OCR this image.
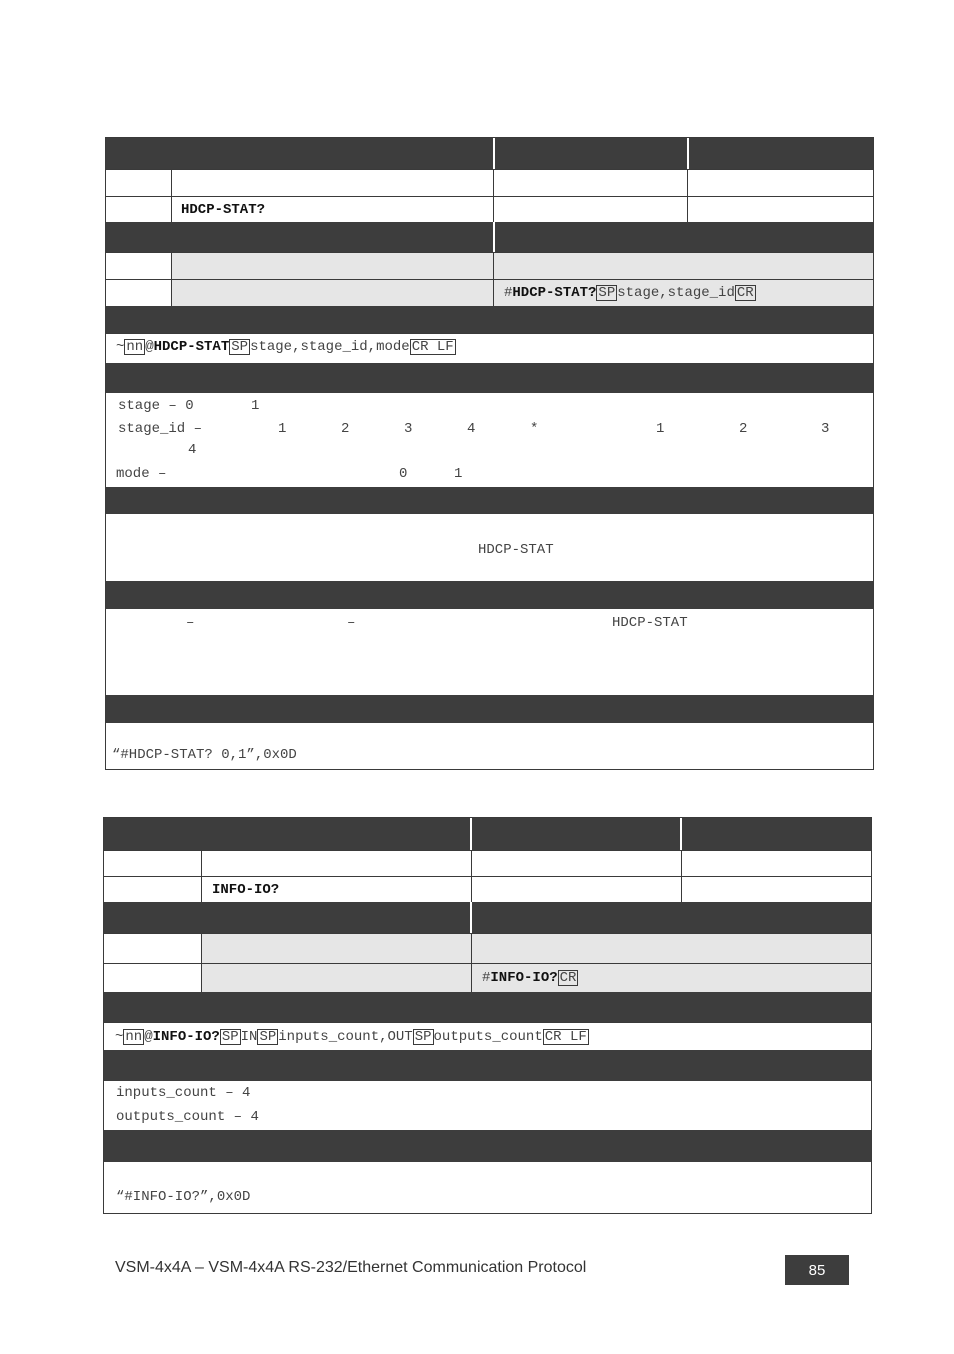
HDCP-STAT?
# HDCP-STAT? SP stage,stage_id CR
~ nn @ HDCP-STAT SP stage,stage_id,mode CR LF
stage – 0	1
stage_id –	1	2	3	4	*	1	2	3
4
mode –	0	1
HDCP-STAT
–	–	HDCP-STAT
“#HDCP-STAT? 0,1”,0x0D
INFO-IO?
# INFO-IO? CR
~ nn @ INFO-IO? SP IN SP inputs_count,OUT SP outputs_count CR LF
inputs_count – 4
outputs_count – 4
“#INFO-IO?”,0x0D
VSM-4x4A – VSM-4x4A RS-232/Ethernet Communication Protocol	85
